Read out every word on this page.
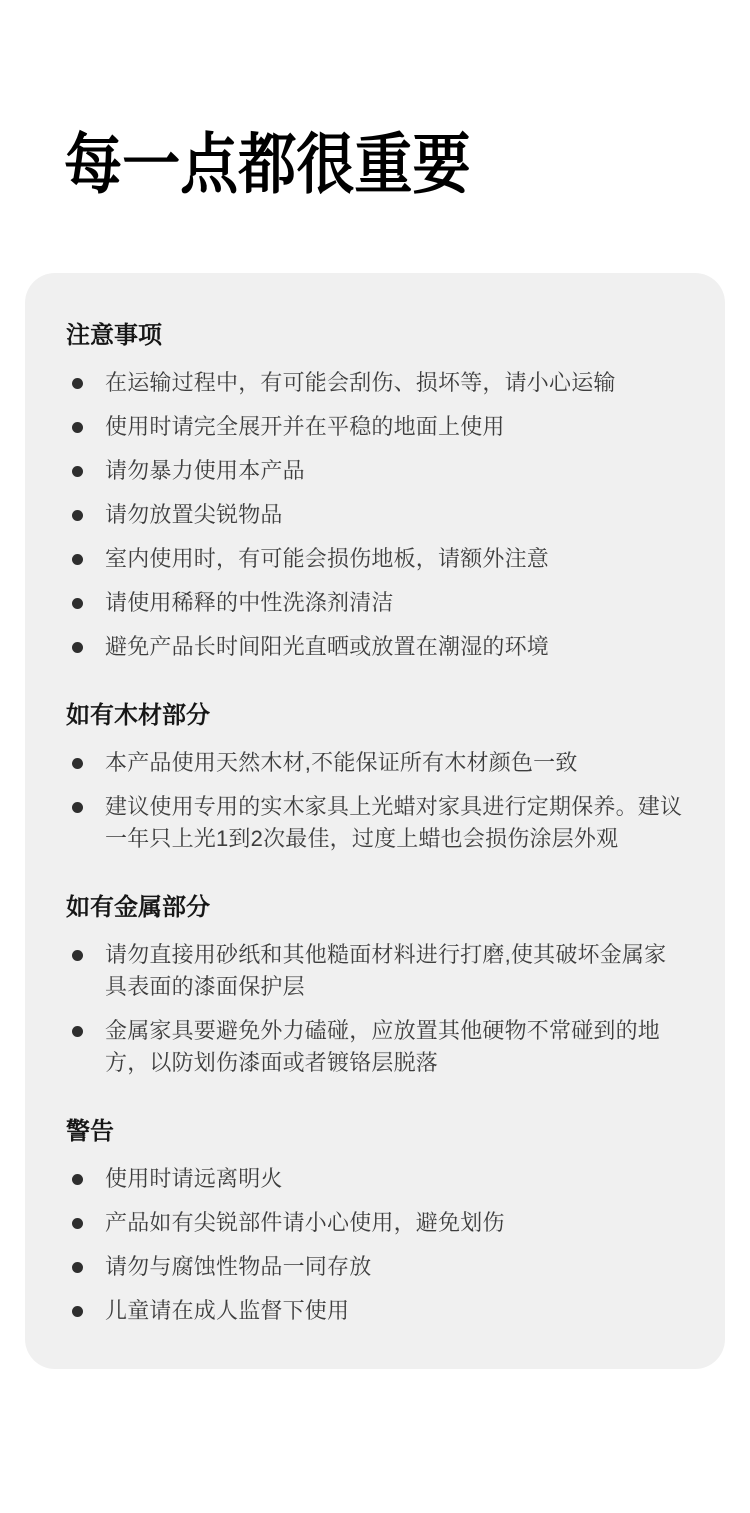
每一点都很重要
注意事项
在运输过程中，有可能会刮伤、损坏等，请小心运输
使用时请完全展开并在平稳的地面上使用
请勿暴力使用本产品
请勿放置尖锐物品
室内使用时，有可能会损伤地板，请额外注意
请使用稀释的中性洗涤剂清洁
避免产品长时间阳光直晒或放置在潮湿的环境
如有木材部分
本产品使用天然木材,不能保证所有木材颜色一致
建议使用专用的实木家具上光蜡对家具进行定期保养。建议一年只上光1到2次最佳，过度上蜡也会损伤涂层外观
如有金属部分
请勿直接用砂纸和其他糙面材料进行打磨,使其破坏金属家具表面的漆面保护层
金属家具要避免外力磕碰，应放置其他硬物不常碰到的地方，以防划伤漆面或者镀铬层脱落
警告
使用时请远离明火
产品如有尖锐部件请小心使用，避免划伤
请勿与腐蚀性物品一同存放
儿童请在成人监督下使用
